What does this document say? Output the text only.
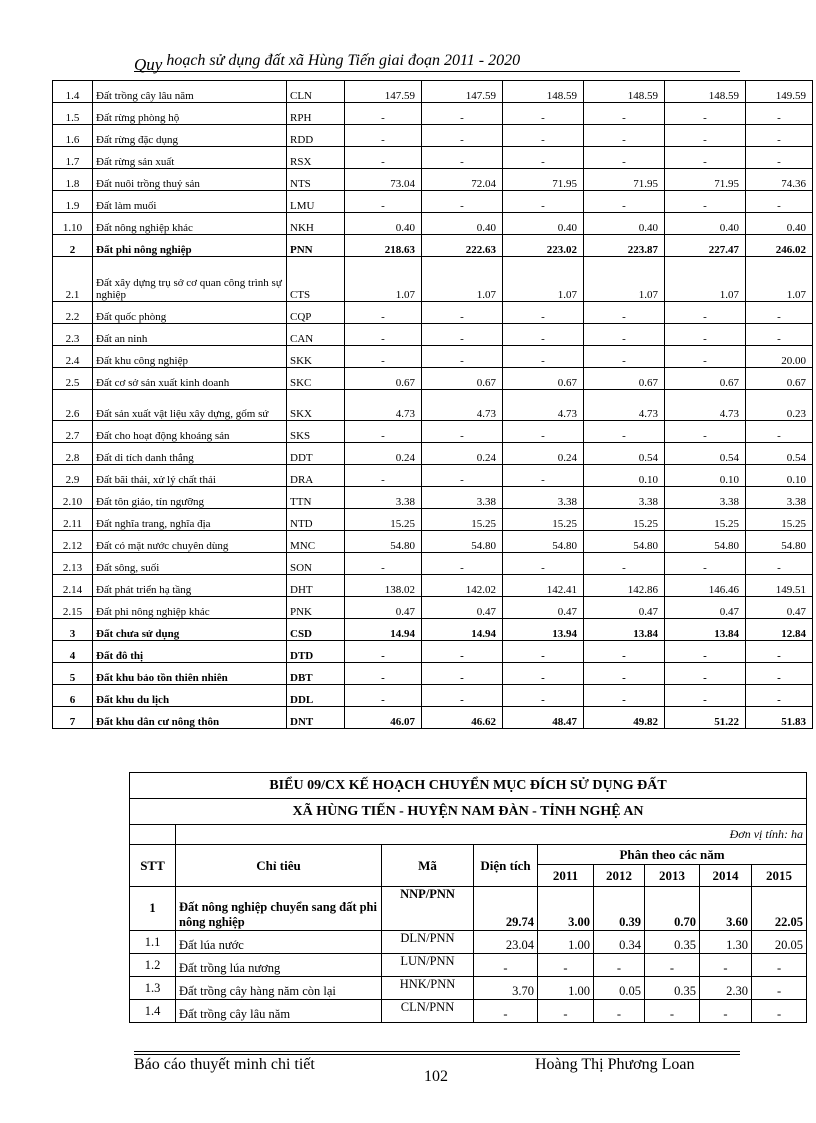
Quy hoạch sử dụng đất xã Hùng Tiến giai đoạn 2011 - 2020
1.4	Đất trồng cây lâu năm	CLN	147.59	147.59	148.59	148.59	148.59	149.59
1.5	Đất rừng phòng hộ	RPH	-	-	-	-	-	-
1.6	Đất rừng đặc dụng	RDD	-	-	-	-	-	-
1.7	Đất rừng sản xuất	RSX	-	-	-	-	-	-
1.8	Đất nuôi trồng thuỷ sản	NTS	73.04	72.04	71.95	71.95	71.95	74.36
1.9	Đất làm muối	LMU	-	-	-	-	-	-
1.10	Đất nông nghiệp khác	NKH	0.40	0.40	0.40	0.40	0.40	0.40
2	Đất phi nông nghiệp	PNN	218.63	222.63	223.02	223.87	227.47	246.02
2.1	Đất xây dựng trụ sở cơ quan công trình sự nghiệp	CTS	1.07	1.07	1.07	1.07	1.07	1.07
2.2	Đất quốc phòng	CQP	-	-	-	-	-	-
2.3	Đất an ninh	CAN	-	-	-	-	-	-
2.4	Đất khu công nghiệp	SKK	-	-	-	-	-	20.00
2.5	Đất cơ sở sản xuất kinh doanh	SKC	0.67	0.67	0.67	0.67	0.67	0.67
2.6	Đất sản xuất vật liệu xây dựng, gốm sứ	SKX	4.73	4.73	4.73	4.73	4.73	0.23
2.7	Đất cho hoạt động khoáng sản	SKS	-	-	-	-	-	-
2.8	Đất di tích danh thắng	DDT	0.24	0.24	0.24	0.54	0.54	0.54
2.9	Đất bãi thải, xử lý chất thải	DRA	-	-	-	0.10	0.10	0.10
2.10	Đất tôn giáo, tín ngưỡng	TTN	3.38	3.38	3.38	3.38	3.38	3.38
2.11	Đất nghĩa trang, nghĩa địa	NTD	15.25	15.25	15.25	15.25	15.25	15.25
2.12	Đất có mặt nước chuyên dùng	MNC	54.80	54.80	54.80	54.80	54.80	54.80
2.13	Đất sông, suối	SON	-	-	-	-	-	-
2.14	Đất phát triển hạ tầng	DHT	138.02	142.02	142.41	142.86	146.46	149.51
2.15	Đất phi nông nghiệp khác	PNK	0.47	0.47	0.47	0.47	0.47	0.47
3	Đất chưa sử dụng	CSD	14.94	14.94	13.94	13.84	13.84	12.84
4	Đất đô thị	DTD	-	-	-	-	-	-
5	Đất khu bảo tồn thiên nhiên	DBT	-	-	-	-	-	-
6	Đất khu du lịch	DDL	-	-	-	-	-	-
7	Đất khu dân cư nông thôn	DNT	46.07	46.62	48.47	49.82	51.22	51.83
BIỂU 09/CX KẾ HOẠCH CHUYỂN MỤC ĐÍCH SỬ DỤNG ĐẤT								
XÃ HÙNG TIẾN - HUYỆN NAM ĐÀN - TỈNH NGHỆ AN								
	Đơn vị tính: ha							
STT	Chỉ tiêu	Mã	Diện tích	Phân theo các năm				
				2011	2012	2013	2014	2015
1	Đất nông nghiệp chuyển sang đất phi nông nghiệp	NNP/PNN	29.74	3.00	0.39	0.70	3.60	22.05
1.1	Đất lúa nước	DLN/PNN	23.04	1.00	0.34	0.35	1.30	20.05
1.2	Đất trồng lúa nương	LUN/PNN	-	-	-	-	-	-
1.3	Đất trồng cây hàng năm còn lại	HNK/PNN	3.70	1.00	0.05	0.35	2.30	-
1.4	Đất trồng cây lâu năm	CLN/PNN	-	-	-	-	-	-
Báo cáo thuyết minh chi tiết	Hoàng Thị Phương Loan
102
